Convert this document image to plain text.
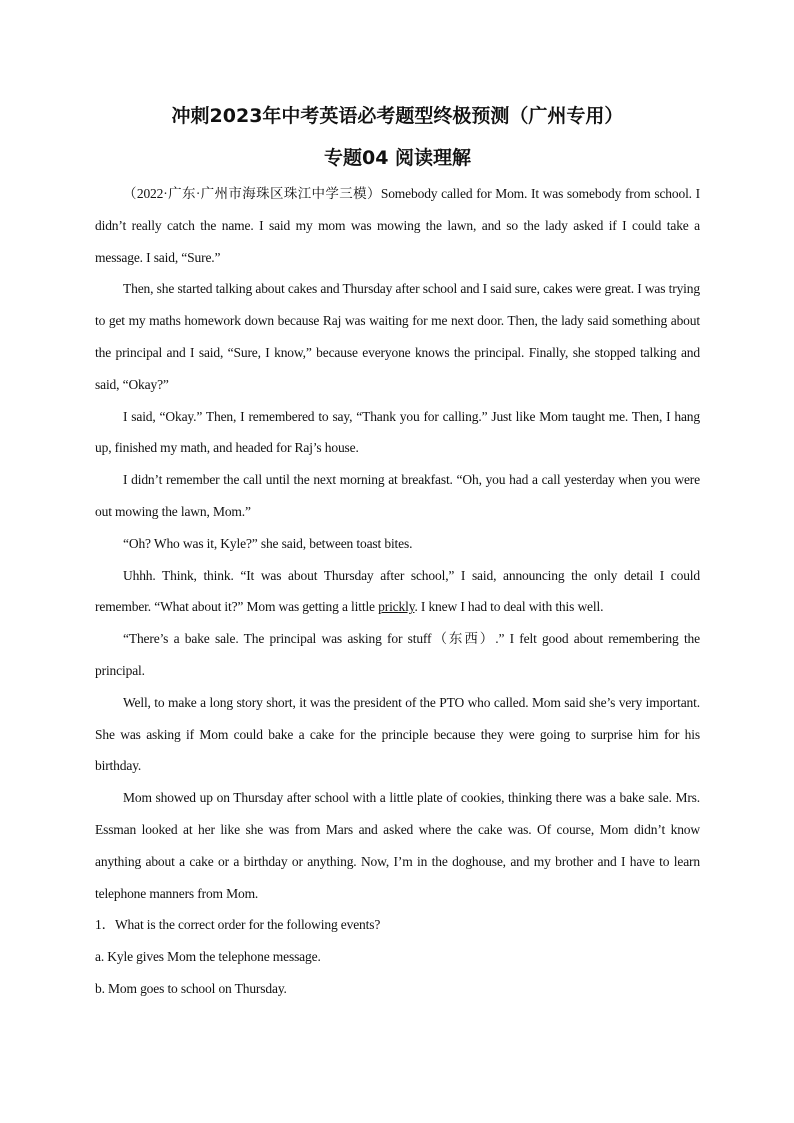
冲刺2023年中考英语必考题型终极预测（广州专用）

专题04 阅读理解

（2022·广东·广州市海珠区珠江中学三模）Somebody called for Mom. It was somebody from school. I didn’t really catch the name. I said my mom was mowing the lawn, and so the lady asked if I could take a message. I said, “Sure.”

Then, she started talking about cakes and Thursday after school and I said sure, cakes were great. I was trying to get my maths homework down because Raj was waiting for me next door. Then, the lady said something about the principal and I said, “Sure, I know,” because everyone knows the principal. Finally, she stopped talking and said, “Okay?”

I said, “Okay.” Then, I remembered to say, “Thank you for calling.” Just like Mom taught me. Then, I hang up, finished my math, and headed for Raj’s house.

I didn’t remember the call until the next morning at breakfast. “Oh, you had a call yesterday when you were out mowing the lawn, Mom.”

“Oh? Who was it, Kyle?” she said, between toast bites.

Uhhh. Think, think. “It was about Thursday after school,” I said, announcing the only detail I could remember. “What about it?” Mom was getting a little prickly. I knew I had to deal with this well.

“There’s a bake sale. The principal was asking for stuff（东西）.” I felt good about remembering the principal.

Well, to make a long story short, it was the president of the PTO who called. Mom said she’s very important. She was asking if Mom could bake a cake for the principle because they were going to surprise him for his birthday.

Mom showed up on Thursday after school with a little plate of cookies, thinking there was a bake sale. Mrs. Essman looked at her like she was from Mars and asked where the cake was. Of course, Mom didn’t know anything about a cake or a birthday or anything. Now, I’m in the doghouse, and my brother and I have to learn telephone manners from Mom.

1．What is the correct order for the following events?

a. Kyle gives Mom the telephone message.

b. Mom goes to school on Thursday.
